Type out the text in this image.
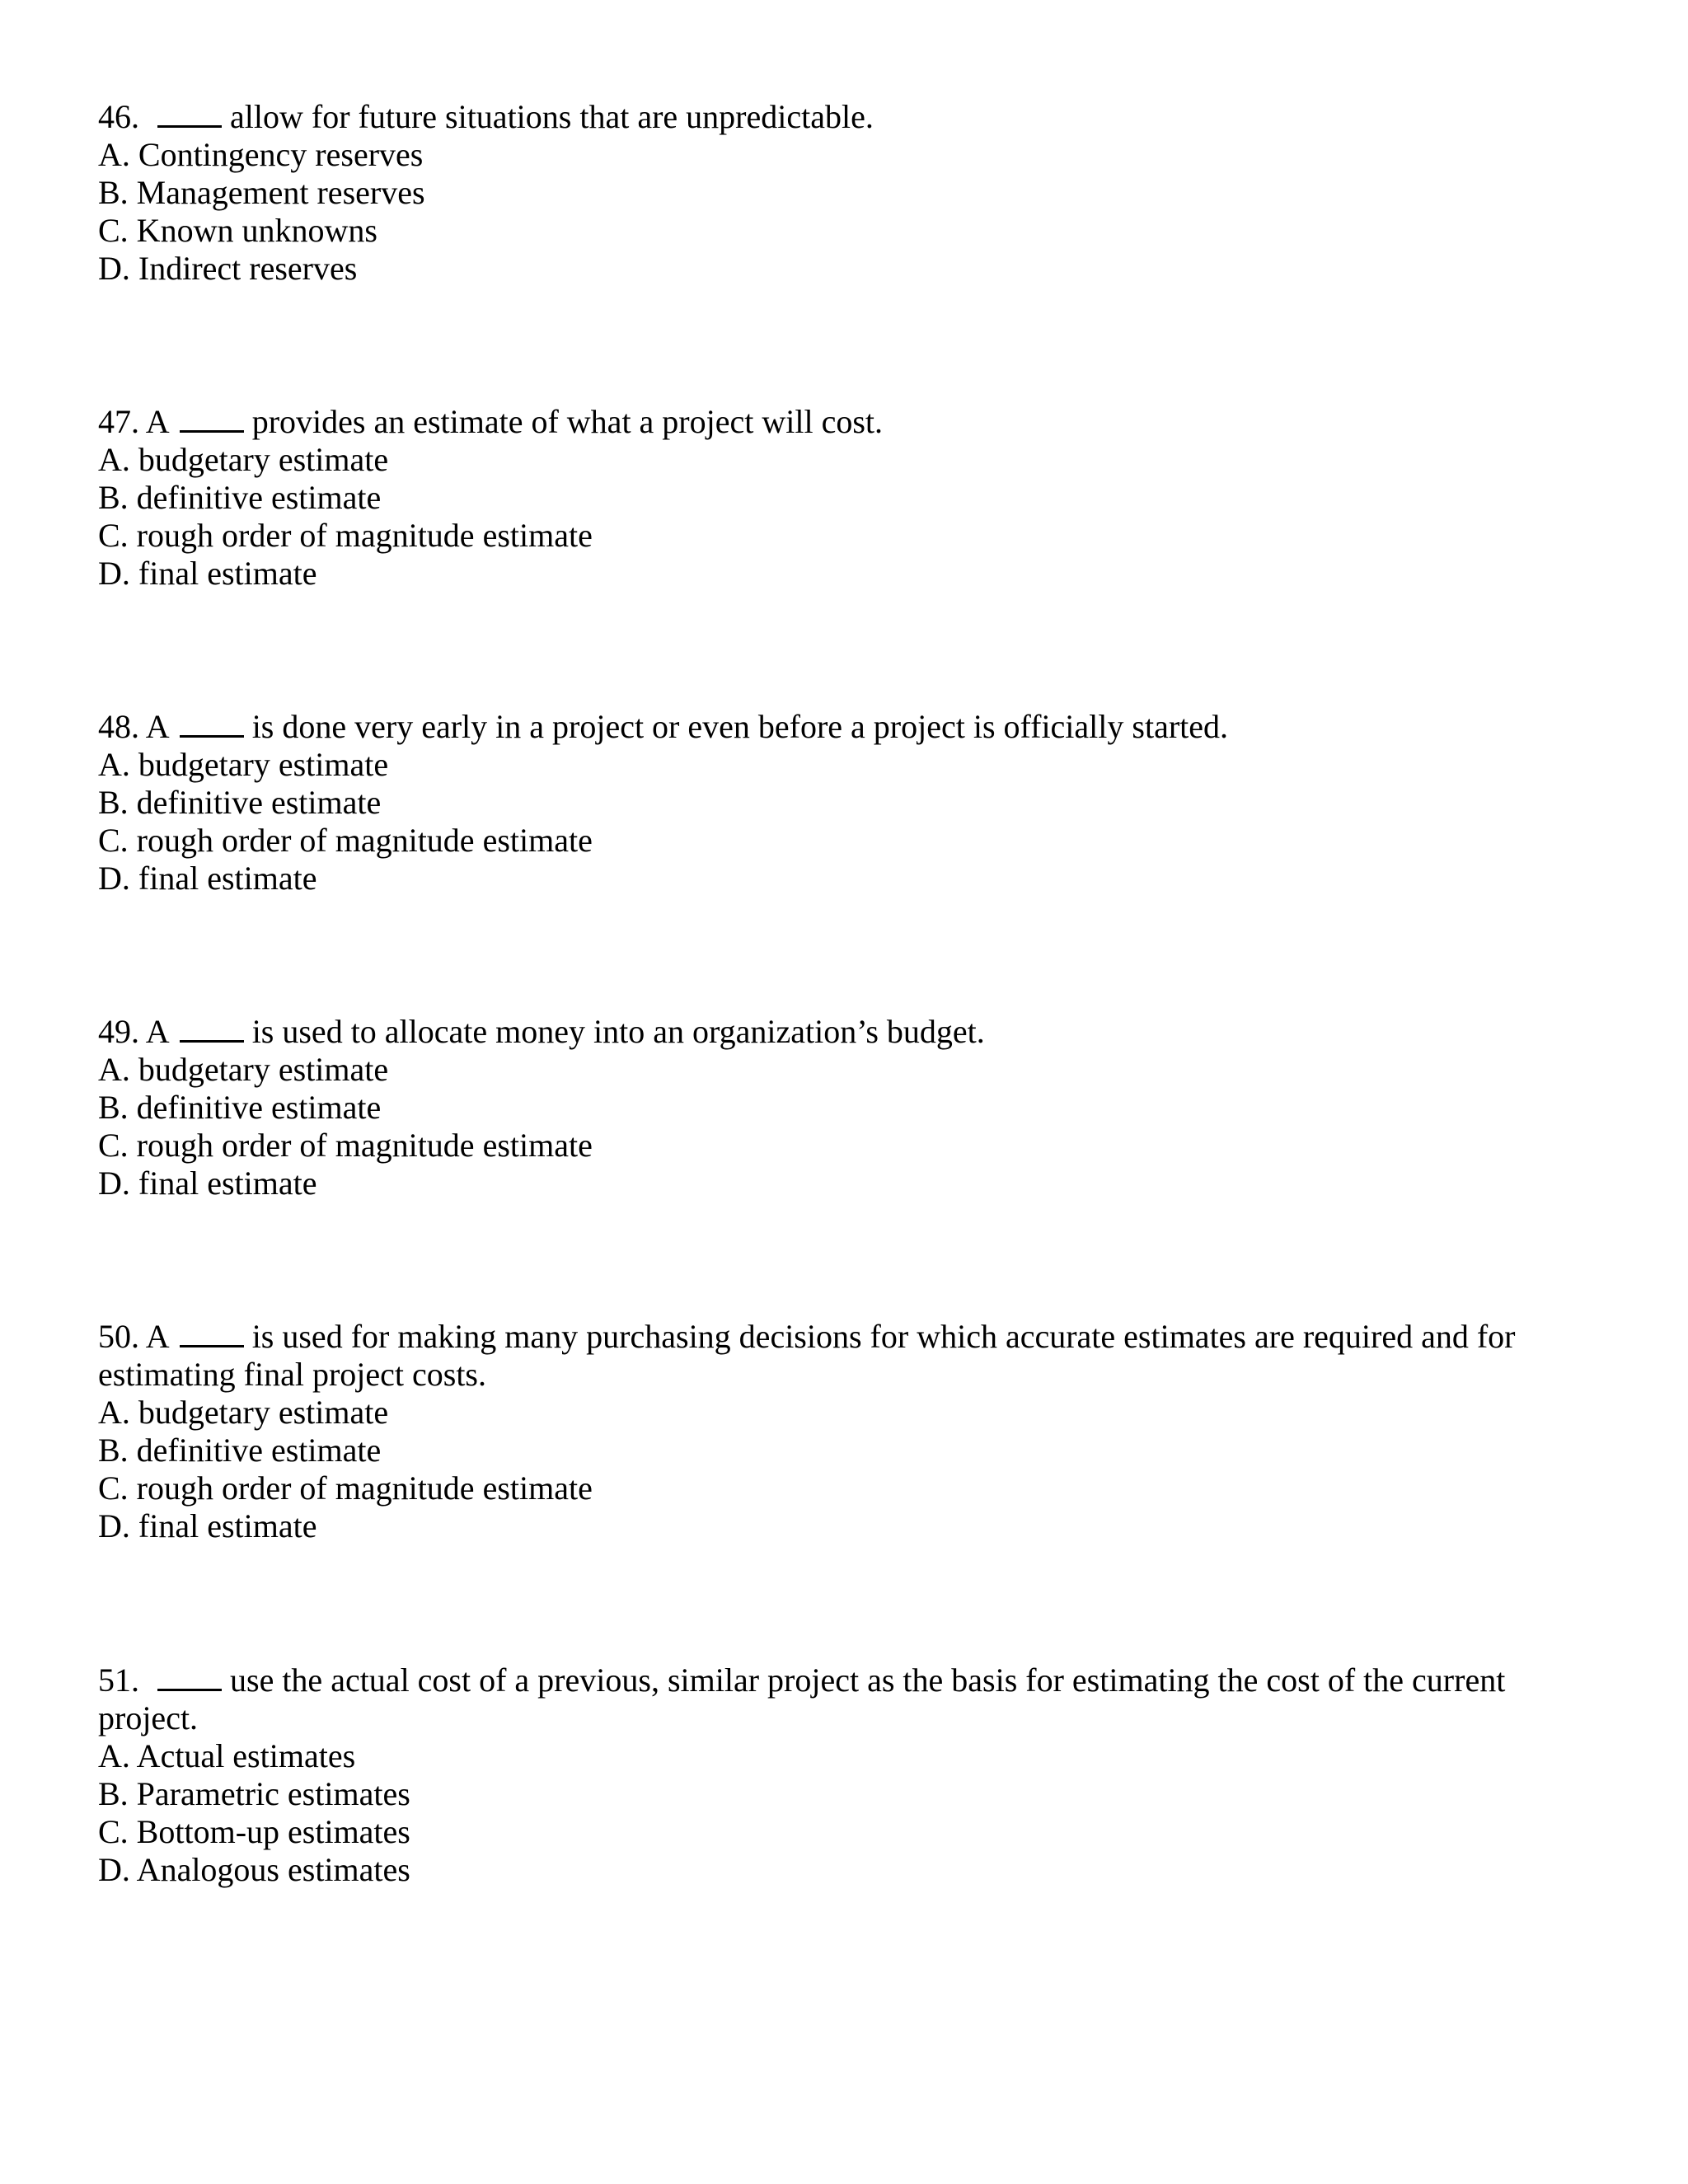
46.	allow for future situations that are unpredictable.

A. Contingency reserves

B. Management reserves

C. Known unknowns

D. Indirect reserves

47. A	provides an estimate of what a project will cost.

A. budgetary estimate

B. definitive estimate

C. rough order of magnitude estimate

D. final estimate

48. A	is done very early in a project or even before a project is officially started.

A. budgetary estimate

B. definitive estimate

C. rough order of magnitude estimate

D. final estimate

49. A	is used to allocate money into an organization’s budget.

A. budgetary estimate

B. definitive estimate

C. rough order of magnitude estimate

D. final estimate

50. A	is used for making many purchasing decisions for which accurate estimates are required and for estimating final project costs.

A. budgetary estimate

B. definitive estimate

C. rough order of magnitude estimate

D. final estimate

51.	use the actual cost of a previous, similar project as the basis for estimating the cost of the current project.

A. Actual estimates

B. Parametric estimates

C. Bottom-up estimates

D. Analogous estimates
